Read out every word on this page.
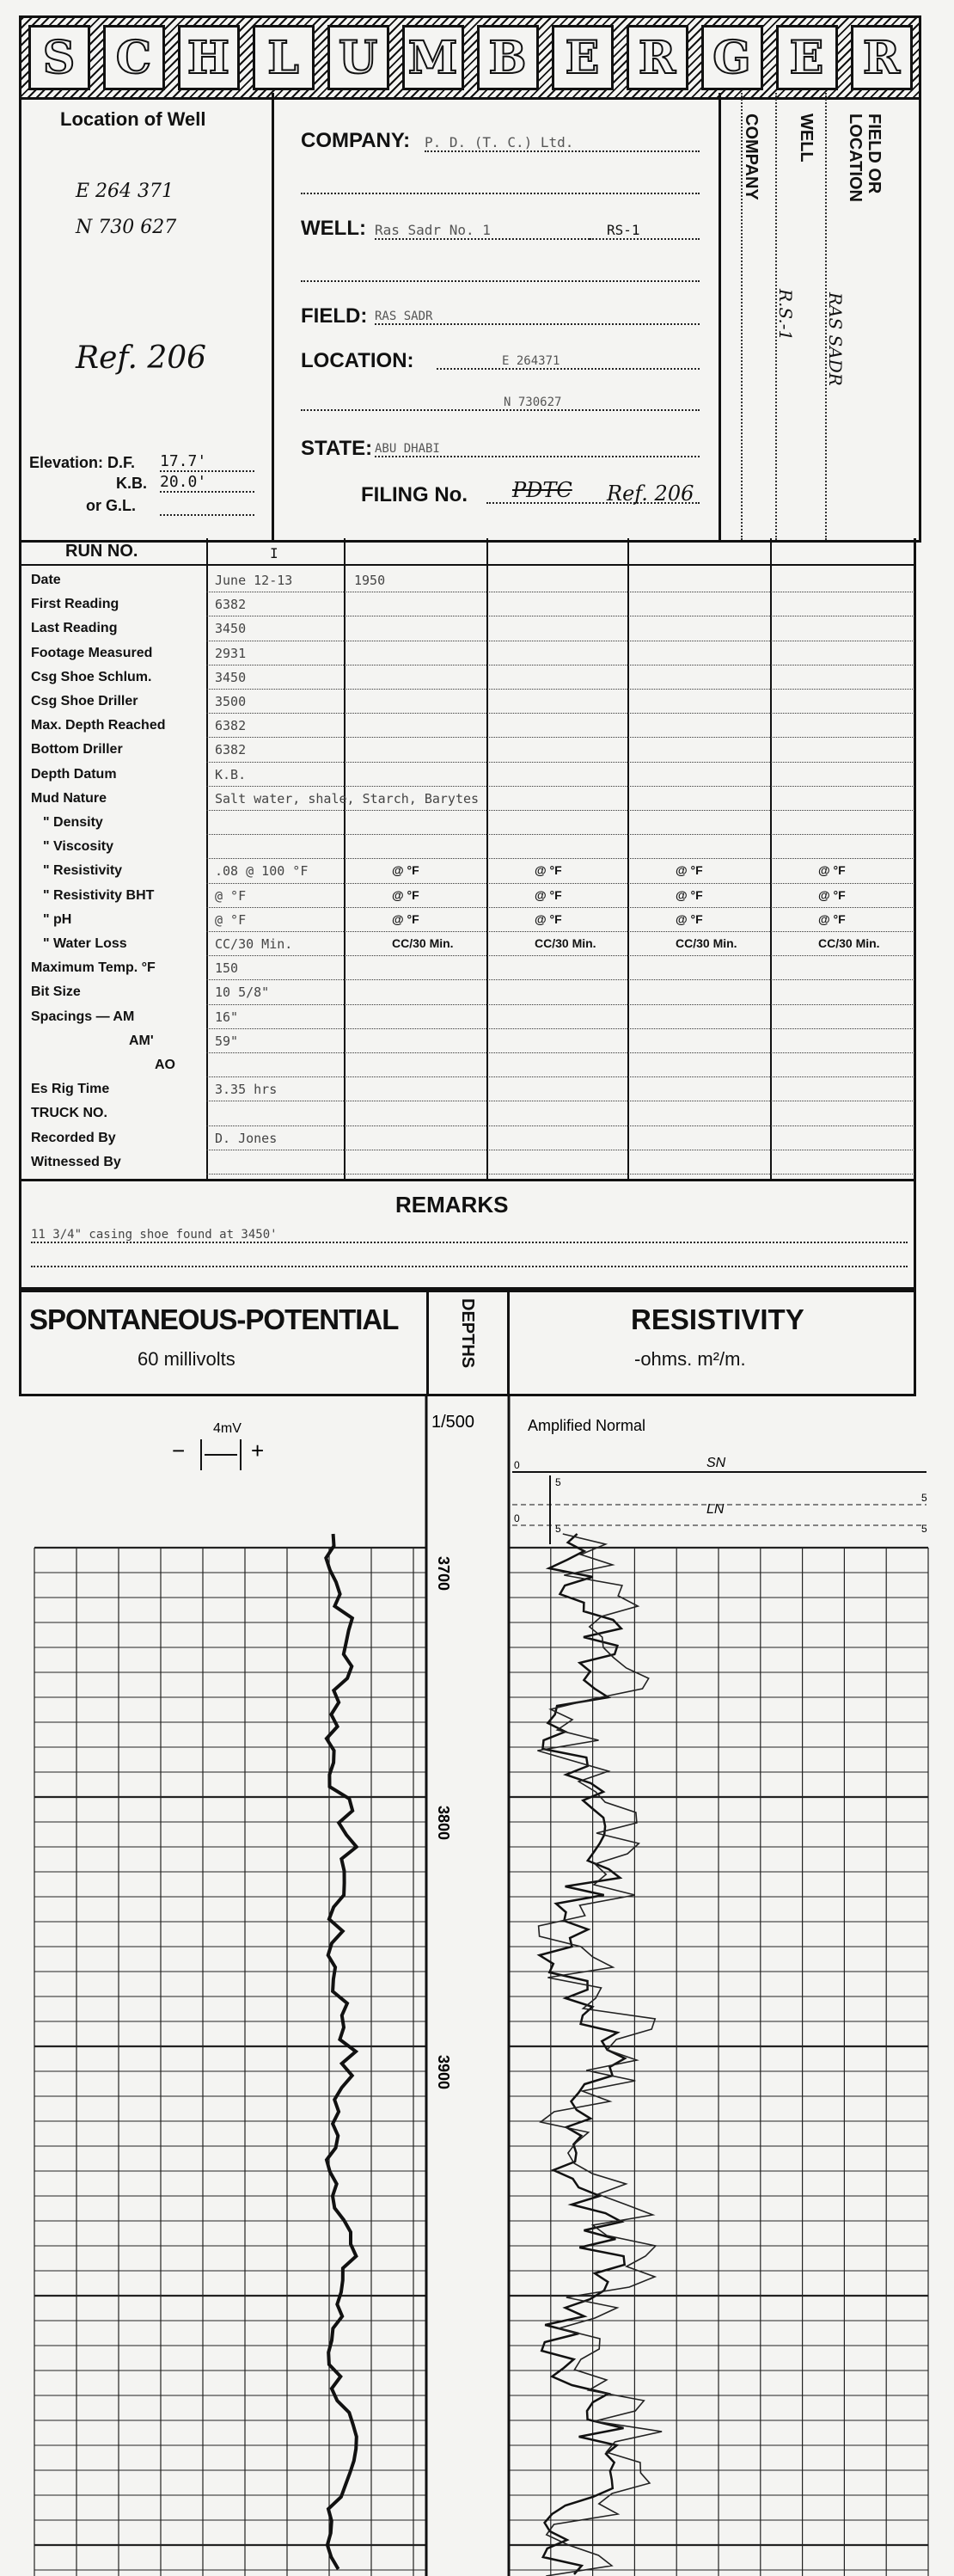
S C H L U M B E R G E R
Location of Well
E 264 371
N 730 627
Ref. 206
Elevation: D.F. 17.7'
K.B. 20.0'
or G.L.
COMPANY: P. D. (T. C.) Ltd.
WELL: Ras Sadr No. 1	RS-1
FIELD: RAS SADR
LOCATION:	E 264371
N 730627
STATE: ABU DHABI
FILING No. PDTC Ref. 206
COMPANY WELL
R.S.-1
FIELD OR LOCATION
RAS SADR
RUN NO.	I
Date	June 12-13	1950
First Reading	6382
Last Reading	3450
Footage Measured	2931
Csg Shoe Schlum.	3450
Csg Shoe Driller	3500
Max. Depth Reached	6382
Bottom Driller	6382
Depth Datum	K.B.
Mud Nature	Salt water, shale, Starch, Barytes
" Density
" Viscosity
" Resistivity	.08 @ 100 °F	@ °F	@ °F	@ °F	@ °F
" Resistivity BHT	@ °F	@ °F	@ °F	@ °F	@ °F
" pH	@ °F	@ °F	@ °F	@ °F	@ °F
" Water Loss	CC/30 Min.	CC/30 Min.	CC/30 Min.	CC/30 Min.	CC/30 Min.
Maximum Temp. °F	150
Bit Size	10 5/8"
Spacings — AM	16"
AM'	59"
AO
Es Rig Time	3.35 hrs
TRUCK NO.
Recorded By	D. Jones
Witnessed By
REMARKS
11 3/4" casing shoe found at 3450'
SPONTANEOUS-POTENTIAL
60 millivolts	DEPTHS	RESISTIVITY
-ohms. m²/m.
4mV
−	+
1/500	Amplified Normal
SN
LN
0
5
5
0
5	5
3700
3800
3900
